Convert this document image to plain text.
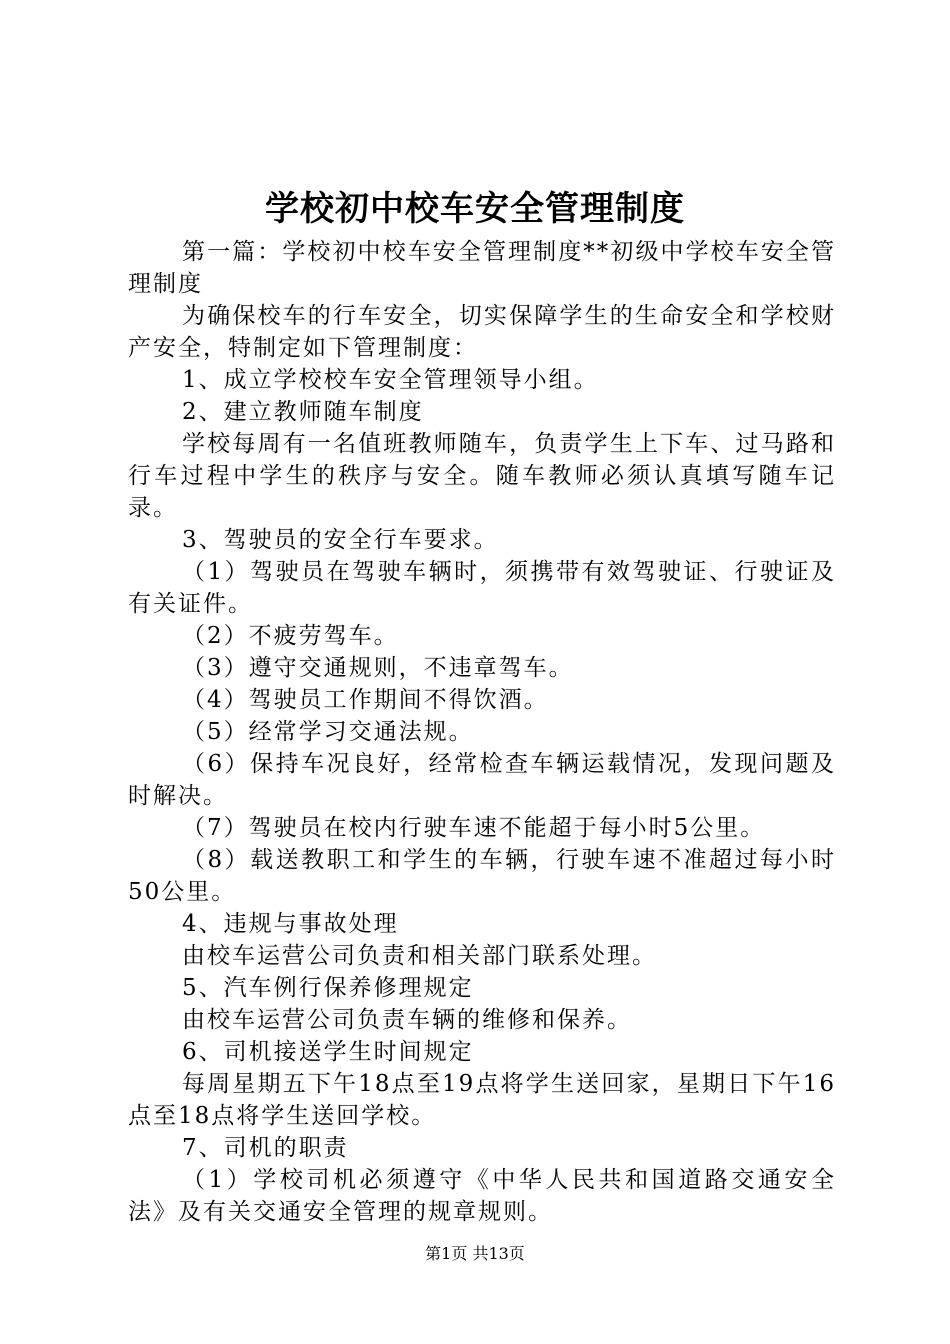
学校初中校车安全管理制度

第一篇：学校初中校车安全管理制度**初级中学校车安全管理制度

为确保校车的行车安全，切实保障学生的生命安全和学校财产安全，特制定如下管理制度：

1、成立学校校车安全管理领导小组。

2、建立教师随车制度

学校每周有一名值班教师随车，负责学生上下车、过马路和行车过程中学生的秩序与安全。随车教师必须认真填写随车记录。

3、驾驶员的安全行车要求。

（1）驾驶员在驾驶车辆时，须携带有效驾驶证、行驶证及有关证件。

（2）不疲劳驾车。

（3）遵守交通规则，不违章驾车。

（4）驾驶员工作期间不得饮酒。

（5）经常学习交通法规。

（6）保持车况良好，经常检查车辆运载情况，发现问题及时解决。

（7）驾驶员在校内行驶车速不能超于每小时5公里。

（8）载送教职工和学生的车辆，行驶车速不准超过每小时50公里。

4、违规与事故处理

由校车运营公司负责和相关部门联系处理。

5、汽车例行保养修理规定

由校车运营公司负责车辆的维修和保养。

6、司机接送学生时间规定

每周星期五下午18点至19点将学生送回家，星期日下午16点至18点将学生送回学校。

7、司机的职责

（1）学校司机必须遵守《中华人民共和国道路交通安全法》及有关交通安全管理的规章规则。

第1页 共13页
